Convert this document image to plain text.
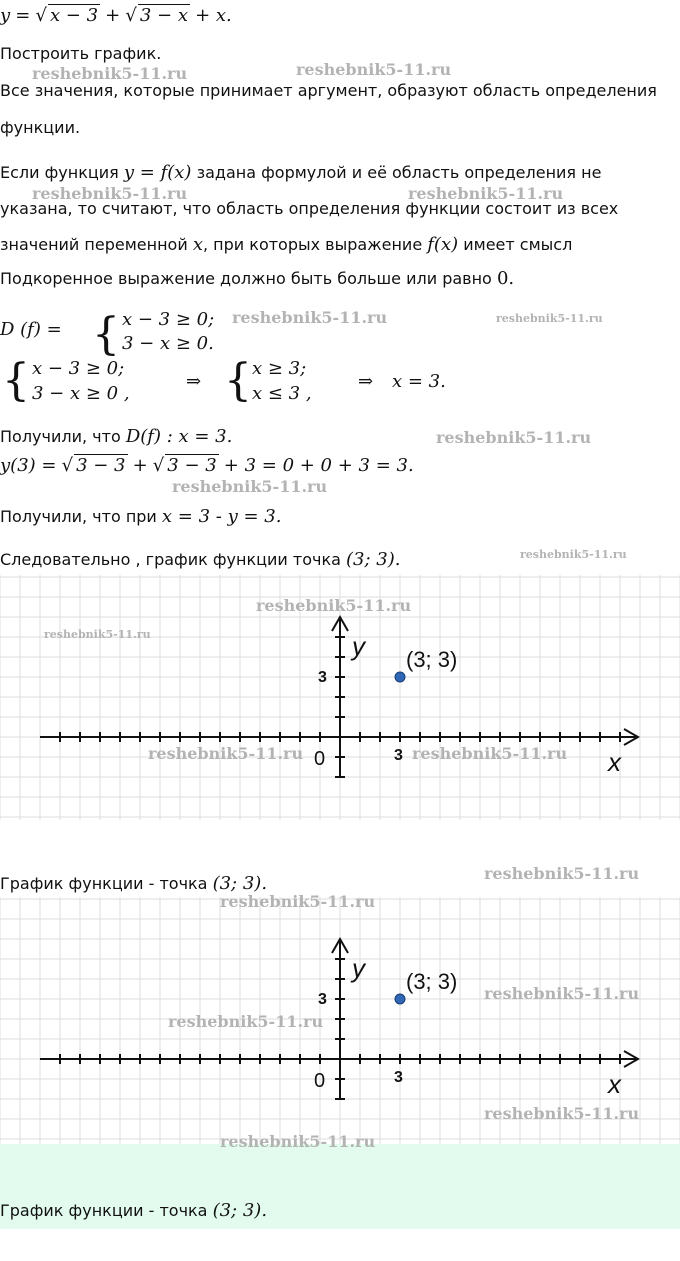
y = √ x − 3 + √ 3 − x + x.
Построить график.
Все значения, которые принимает аргумент, образуют область определения
функции.
Если функция y = f(x) задана формулой и её область определения не
указана, то считают, что область определения функции состоит из всех
значений переменной x, при которых выражение f(x) имеет смысл
Подкоренное выражение должно быть больше или равно 0.
D (f) = { x − 3 ≥ 0;
3 − x ≥ 0.
{ x − 3 ≥ 0;
3 − x ≥ 0 ,
⇒ { x ≥ 3;
x ≤ 3 ,
⇒ x = 3.
Получили, что D(f) : x = 3.
y(3) = √ 3 − 3 + √ 3 − 3 + 3 = 0 + 0 + 3 = 3.
Получили, что при x = 3 - y = 3.
Следовательно , график функции точка (3; 3).
(3; 3)
y
x
0	3
3
График функции - точка (3; 3).
(3; 3)
y
x
0	3
3
График функции - точка (3; 3).
reshebnik5-11.ru	reshebnik5-11.ru
reshebnik5-11.ru	reshebnik5-11.ru
reshebnik5-11.ru	reshebnik5-11.ru
reshebnik5-11.ru
reshebnik5-11.ru
reshebnik5-11.ru
reshebnik5-11.ru
reshebnik5-11.ru
reshebnik5-11.ru	reshebnik5-11.ru
reshebnik5-11.ru
reshebnik5-11.ru
reshebnik5-11.ru
reshebnik5-11.ru
reshebnik5-11.ru
reshebnik5-11.ru
